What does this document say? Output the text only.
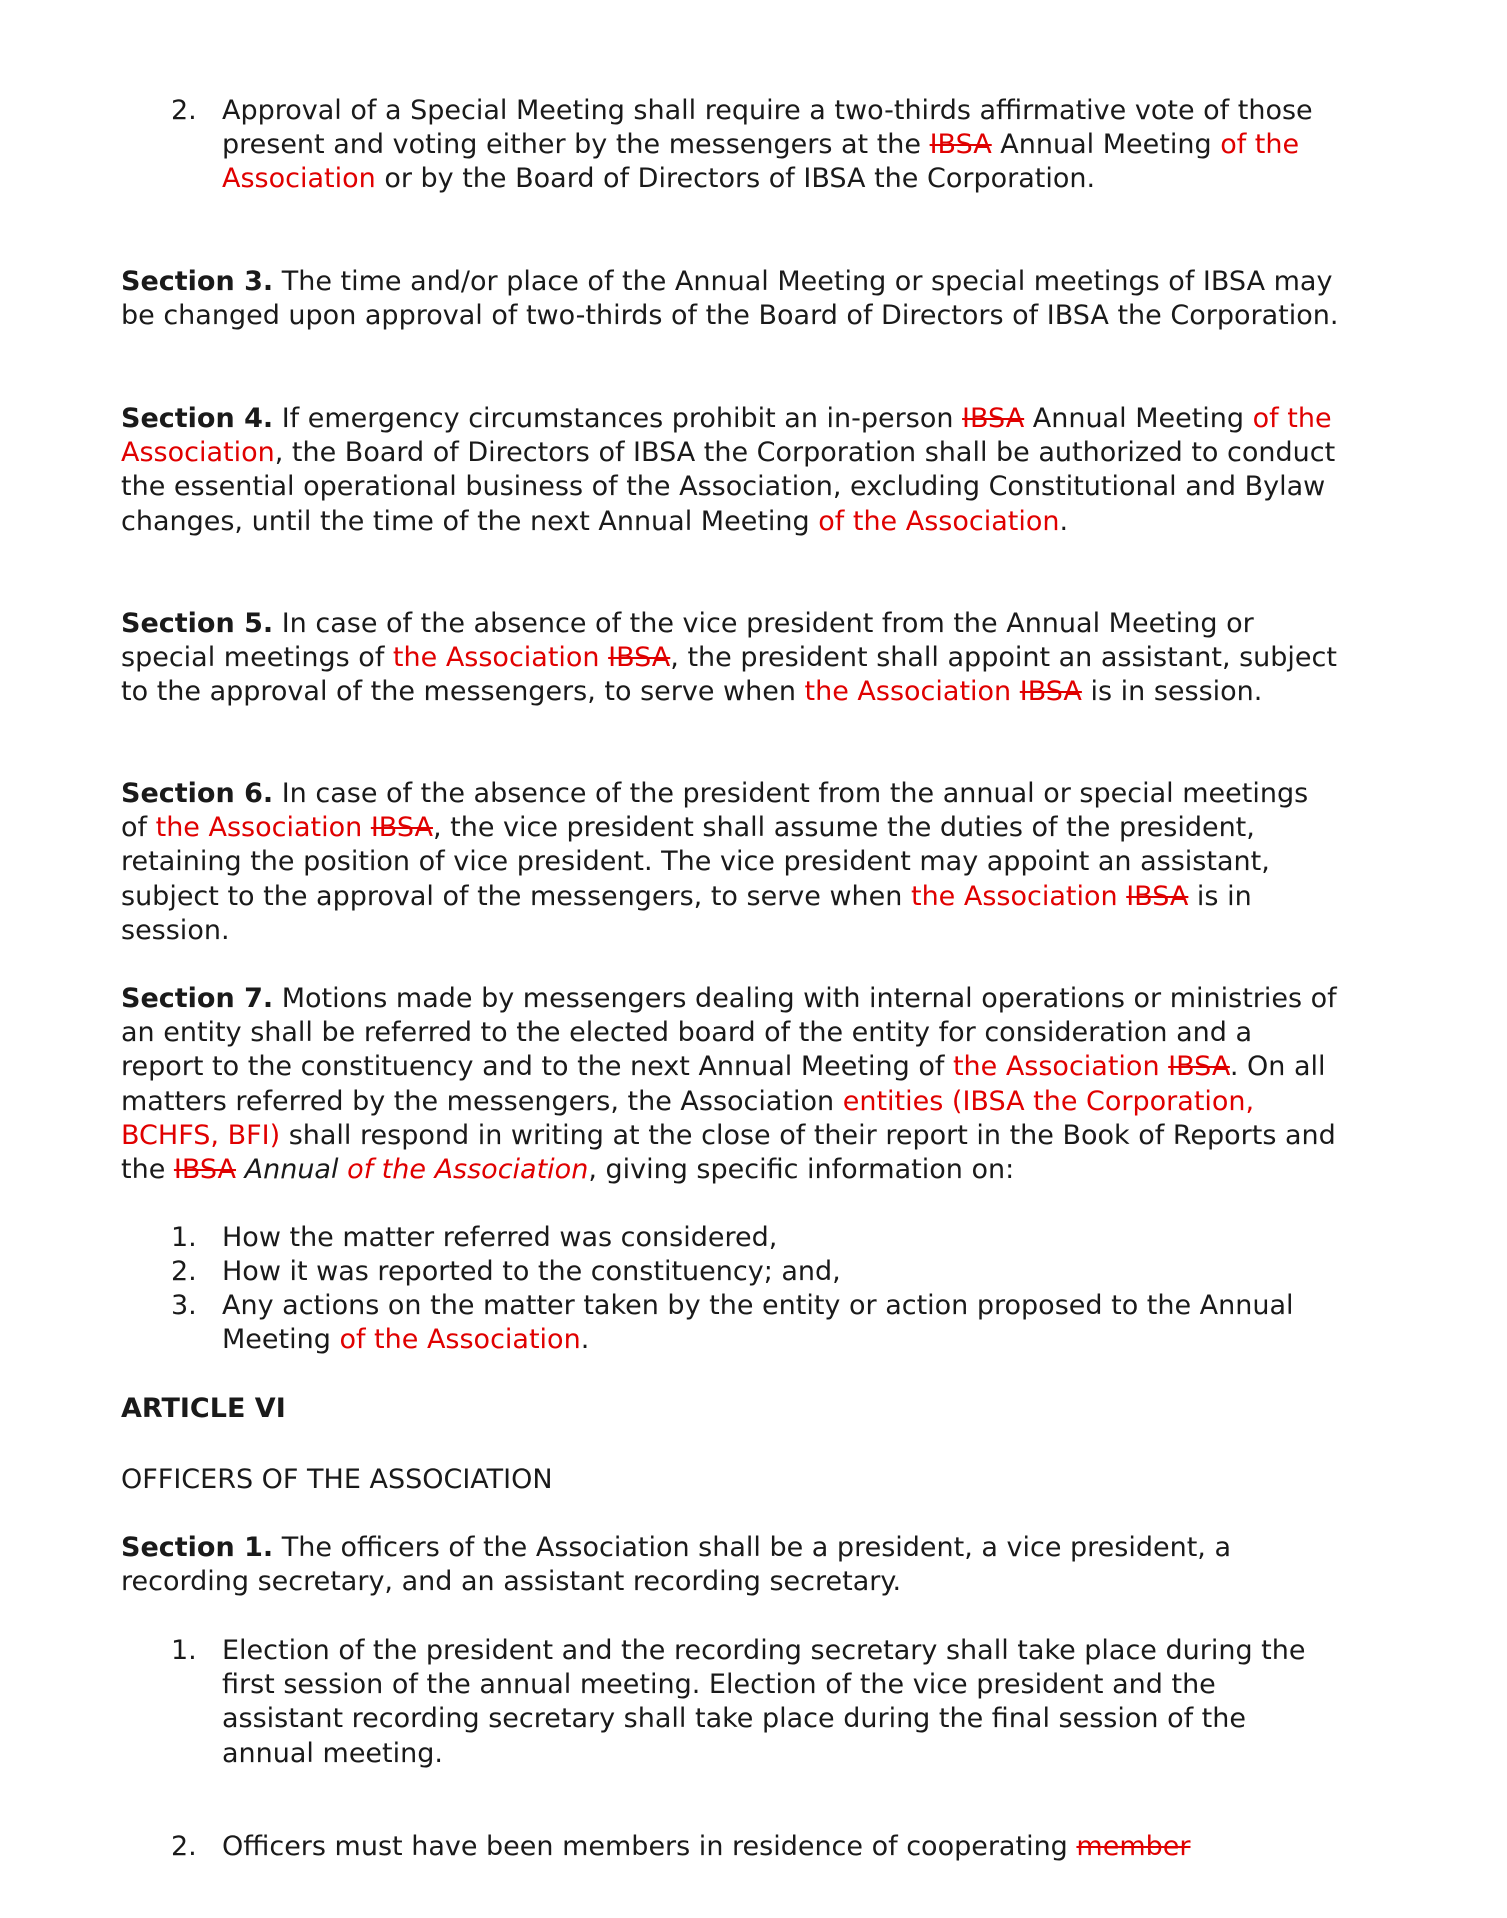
2. Approval of a Special Meeting shall require a two-thirds affirmative vote of those present and voting either by the messengers at the IBSA Annual Meeting of the Association or by the Board of Directors of IBSA the Corporation.

Section 3. The time and/or place of the Annual Meeting or special meetings of IBSA may be changed upon approval of two-thirds of the Board of Directors of IBSA the Corporation.

Section 4. If emergency circumstances prohibit an in-person IBSA Annual Meeting of the Association, the Board of Directors of IBSA the Corporation shall be authorized to conduct the essential operational business of the Association, excluding Constitutional and Bylaw changes, until the time of the next Annual Meeting of the Association.

Section 5. In case of the absence of the vice president from the Annual Meeting or special meetings of the Association IBSA, the president shall appoint an assistant, subject to the approval of the messengers, to serve when the Association IBSA is in session.

Section 6. In case of the absence of the president from the annual or special meetings of the Association IBSA, the vice president shall assume the duties of the president, retaining the position of vice president. The vice president may appoint an assistant, subject to the approval of the messengers, to serve when the Association IBSA is in session.

Section 7. Motions made by messengers dealing with internal operations or ministries of an entity shall be referred to the elected board of the entity for consideration and a report to the constituency and to the next Annual Meeting of the Association IBSA. On all matters referred by the messengers, the Association entities (IBSA the Corporation, BCHFS, BFI) shall respond in writing at the close of their report in the Book of Reports and the IBSA Annual of the Association, giving specific information on:

1. How the matter referred was considered,
2. How it was reported to the constituency; and,
3. Any actions on the matter taken by the entity or action proposed to the Annual Meeting of the Association.

ARTICLE VI

OFFICERS OF THE ASSOCIATION

Section 1. The officers of the Association shall be a president, a vice president, a recording secretary, and an assistant recording secretary.

1. Election of the president and the recording secretary shall take place during the first session of the annual meeting. Election of the vice president and the assistant recording secretary shall take place during the final session of the annual meeting.
2. Officers must have been members in residence of cooperating member
